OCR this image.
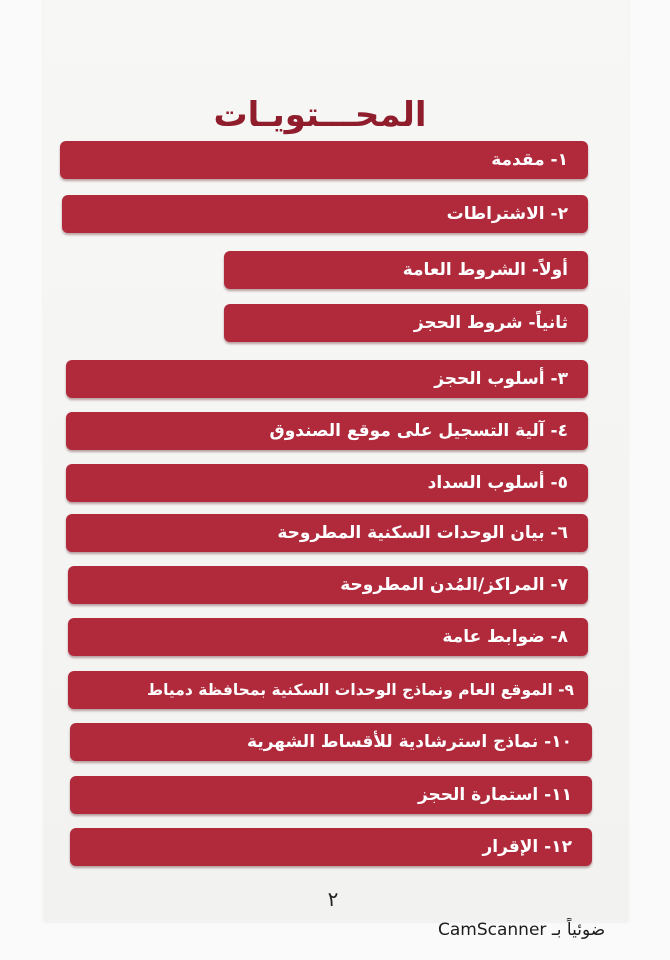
المحـــتويـات
١- مقدمة
٢- الاشتراطات
أولاً- الشروط العامة
ثانياً- شروط الحجز
٣- أسلوب الحجز
٤- آلية التسجيل على موقع الصندوق
٥- أسلوب السداد
٦- بيان الوحدات السكنية المطروحة
٧- المراكز/المُدن المطروحة
٨- ضوابط عامة
٩- الموقع العام ونماذج الوحدات السكنية بمحافظة دمياط
١٠- نماذج استرشادية للأقساط الشهرية
١١- استمارة الحجز
١٢- الإقرار
٢
CamScanner ضوئياً بـ
